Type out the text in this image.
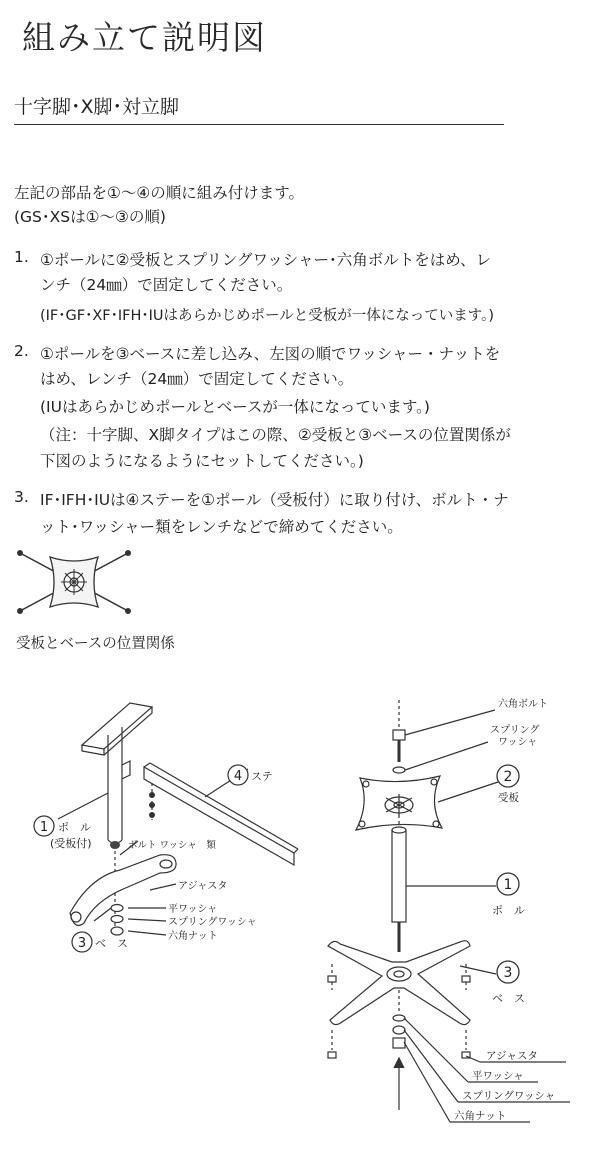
組み立て説明図
十字脚･X脚･対立脚
左記の部品を①～④の順に組み付けます。
(GS･XSは①～③の順)
1. ①ポールに②受板とスプリングワッシャー･六角ボルトをはめ、レ
ンチ（24㎜）で固定してください。
(IF･GF･XF･IFH･IUはあらかじめポールと受板が一体になっています。)
2. ①ポールを③ベースに差し込み、左図の順でワッシャー・ナットを
はめ、レンチ（24㎜）で固定してください。
(IUはあらかじめポールとベースが一体になっています。)
（注：十字脚、X脚タイプはこの際、②受板と③ベースの位置関係が
下図のようになるようにセットしてください。)
3. IF･IFH･IUは④ステーを①ポール（受板付）に取り付け、ボルト・ナ
ット･ワッシャー類をレンチなどで締めてください。
受板とベースの位置関係
1 ポ　ル
(受板付)
4 ステ
ボルト ワッシャ　類
アジャスタ
平ワッシャ
スプリングワッシャ
六角ナット
3 ベ　ス
六角ボルト
スプリング
ワッシャ
2
受板
1
ポ　ル
3
ベ　ス
アジャスタ
平ワッシャ
スプリングワッシャ
六角ナット
